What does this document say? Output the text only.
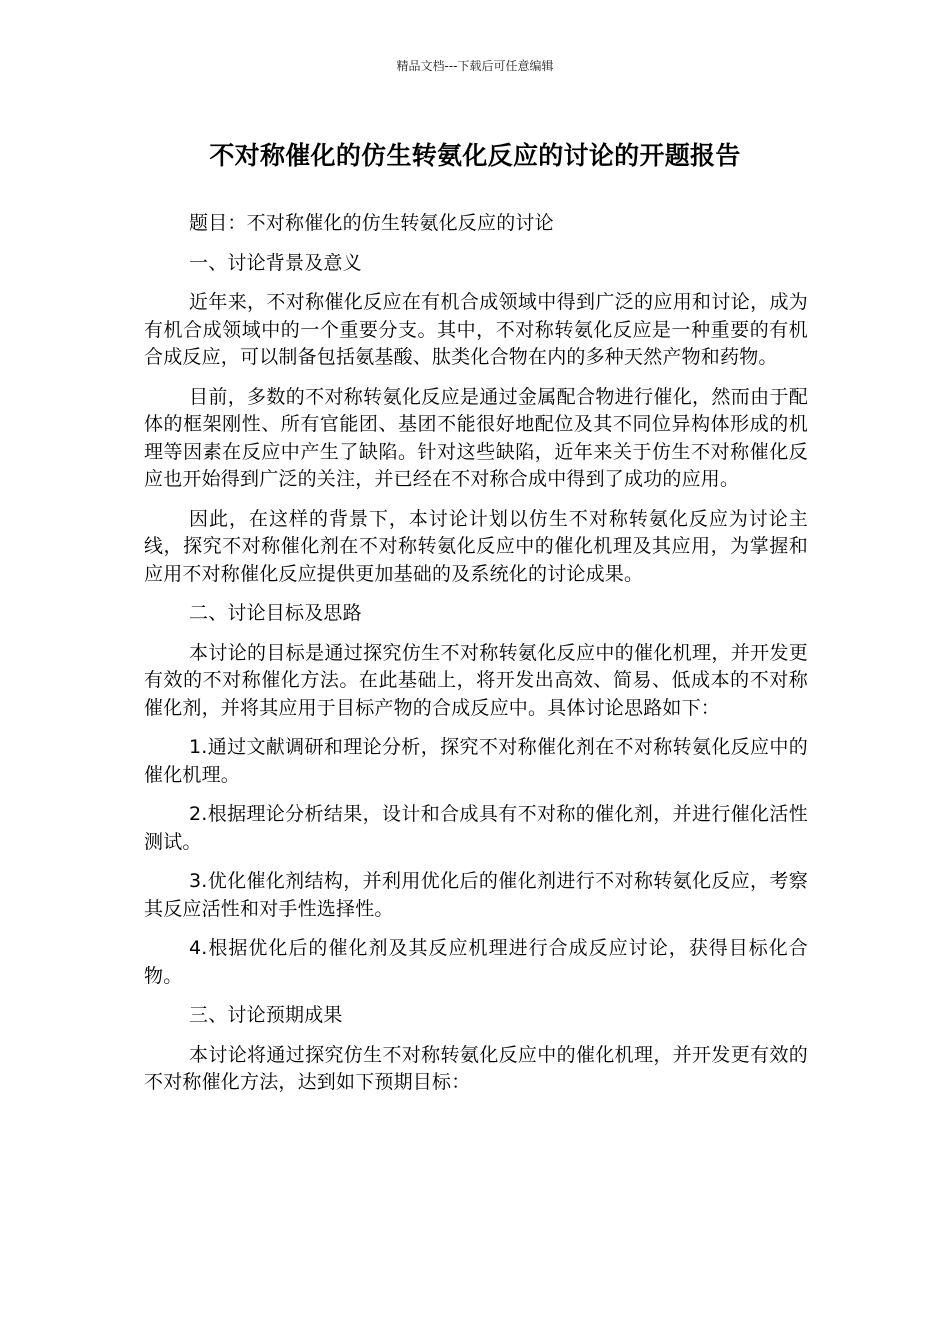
精品文档---下载后可任意编辑
不对称催化的仿生转氨化反应的讨论的开题报告

题目：不对称催化的仿生转氨化反应的讨论

一、讨论背景及意义

近年来，不对称催化反应在有机合成领域中得到广泛的应用和讨论，成为有机合成领域中的一个重要分支。其中，不对称转氨化反应是一种重要的有机合成反应，可以制备包括氨基酸、肽类化合物在内的多种天然产物和药物。

目前，多数的不对称转氨化反应是通过金属配合物进行催化，然而由于配体的框架刚性、所有官能团、基团不能很好地配位及其不同位异构体形成的机理等因素在反应中产生了缺陷。针对这些缺陷，近年来关于仿生不对称催化反应也开始得到广泛的关注，并已经在不对称合成中得到了成功的应用。

因此，在这样的背景下，本讨论计划以仿生不对称转氨化反应为讨论主线，探究不对称催化剂在不对称转氨化反应中的催化机理及其应用，为掌握和应用不对称催化反应提供更加基础的及系统化的讨论成果。

二、讨论目标及思路

本讨论的目标是通过探究仿生不对称转氨化反应中的催化机理，并开发更有效的不对称催化方法。在此基础上，将开发出高效、简易、低成本的不对称催化剂，并将其应用于目标产物的合成反应中。具体讨论思路如下：

1.通过文献调研和理论分析，探究不对称催化剂在不对称转氨化反应中的催化机理。

2.根据理论分析结果，设计和合成具有不对称的催化剂，并进行催化活性测试。

3.优化催化剂结构，并利用优化后的催化剂进行不对称转氨化反应，考察其反应活性和对手性选择性。

4.根据优化后的催化剂及其反应机理进行合成反应讨论，获得目标化合物。

三、讨论预期成果

本讨论将通过探究仿生不对称转氨化反应中的催化机理，并开发更有效的不对称催化方法，达到如下预期目标：
